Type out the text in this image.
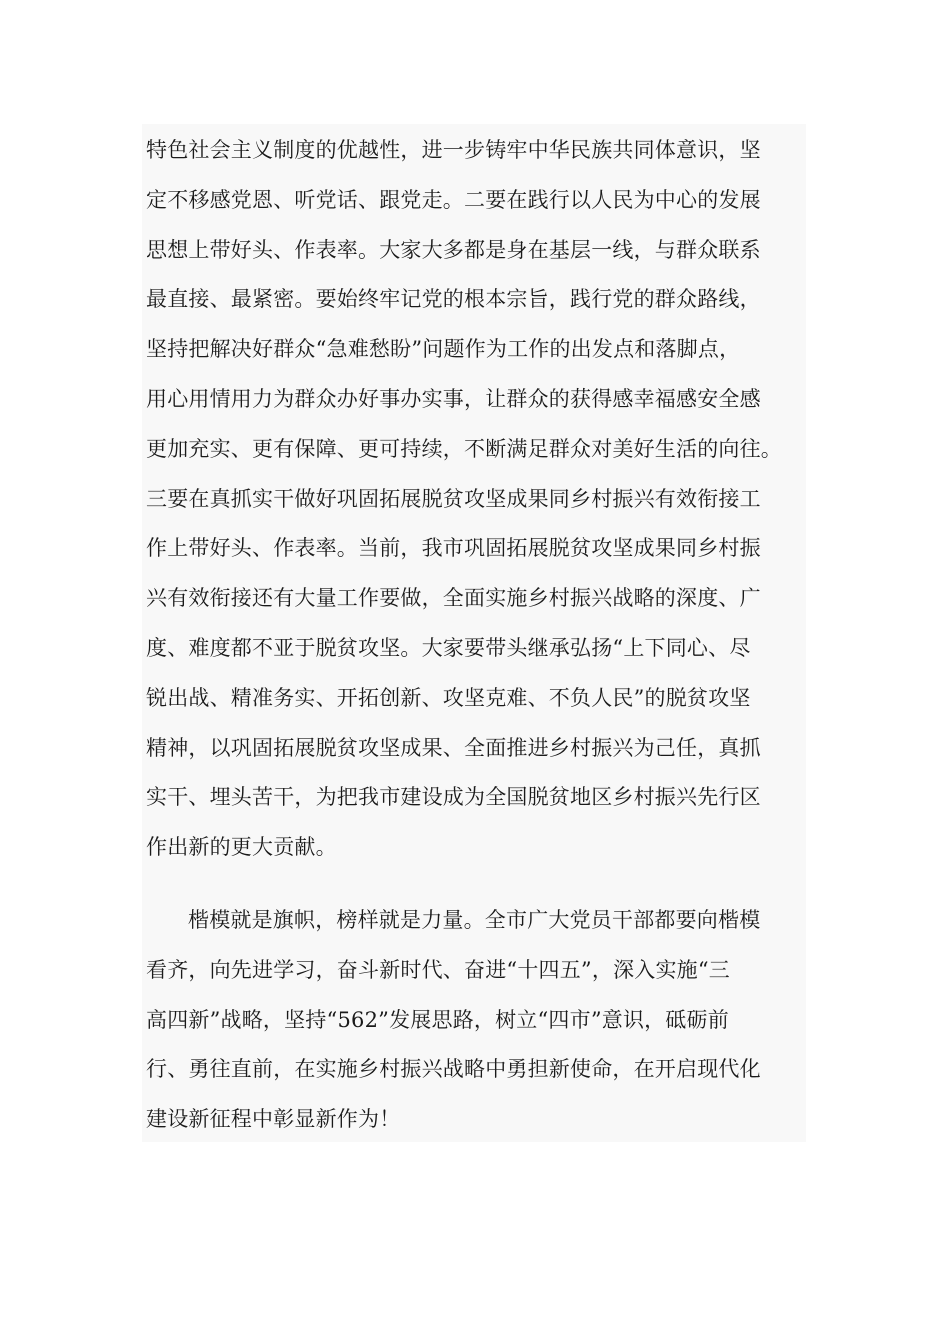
特色社会主义制度的优越性，进一步铸牢中华民族共同体意识，坚
定不移感党恩、听党话、跟党走。二要在践行以人民为中心的发展
思想上带好头、作表率。大家大多都是身在基层一线，与群众联系
最直接、最紧密。要始终牢记党的根本宗旨，践行党的群众路线，
坚持把解决好群众“急难愁盼”问题作为工作的出发点和落脚点，
用心用情用力为群众办好事办实事，让群众的获得感幸福感安全感
更加充实、更有保障、更可持续，不断满足群众对美好生活的向往。
三要在真抓实干做好巩固拓展脱贫攻坚成果同乡村振兴有效衔接工
作上带好头、作表率。当前，我市巩固拓展脱贫攻坚成果同乡村振
兴有效衔接还有大量工作要做，全面实施乡村振兴战略的深度、广
度、难度都不亚于脱贫攻坚。大家要带头继承弘扬“上下同心、尽
锐出战、精准务实、开拓创新、攻坚克难、不负人民”的脱贫攻坚
精神，以巩固拓展脱贫攻坚成果、全面推进乡村振兴为己任，真抓
实干、埋头苦干，为把我市建设成为全国脱贫地区乡村振兴先行区
作出新的更大贡献。
楷模就是旗帜，榜样就是力量。全市广大党员干部都要向楷模
看齐，向先进学习，奋斗新时代、奋进“十四五”，深入实施“三
高四新”战略，坚持“562”发展思路，树立“四市”意识，砥砺前
行、勇往直前，在实施乡村振兴战略中勇担新使命，在开启现代化
建设新征程中彰显新作为！
